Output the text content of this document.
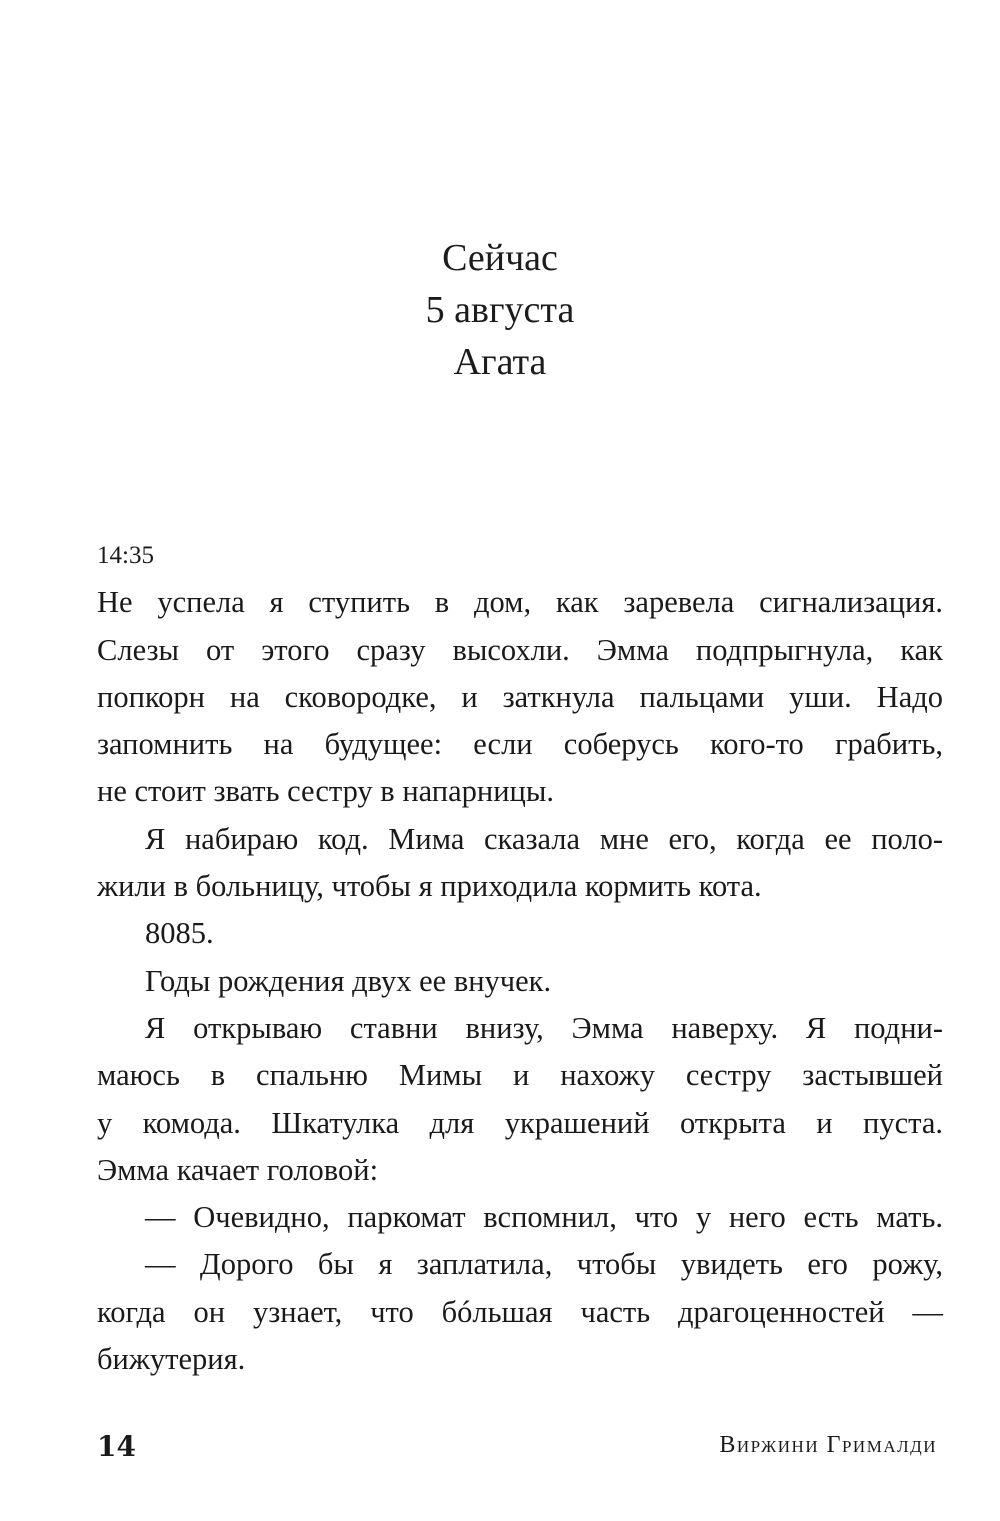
Сейчас
5 августа
Агата
14:35
Не успела я ступить в дом, как заревела сигнализация.
Слезы от этого сразу высохли. Эмма подпрыгнула, как
попкорн на сковородке, и заткнула пальцами уши. Надо
запомнить на будущее: если соберусь кого-то грабить,
не стоит звать сестру в напарницы.
Я набираю код. Мима сказала мне его, когда ее поло-
жили в больницу, чтобы я приходила кормить кота.
8085.
Годы рождения двух ее внучек.
Я открываю ставни внизу, Эмма наверху. Я подни-
маюсь в спальню Мимы и нахожу сестру застывшей
у комода. Шкатулка для украшений открыта и пуста.
Эмма качает головой:
— Очевидно, паркомат вспомнил, что у него есть мать.
— Дорого бы я заплатила, чтобы увидеть его рожу,
когда он узнает, что бóльшая часть драгоценностей —
бижутерия.
14	Виржини Грималди
